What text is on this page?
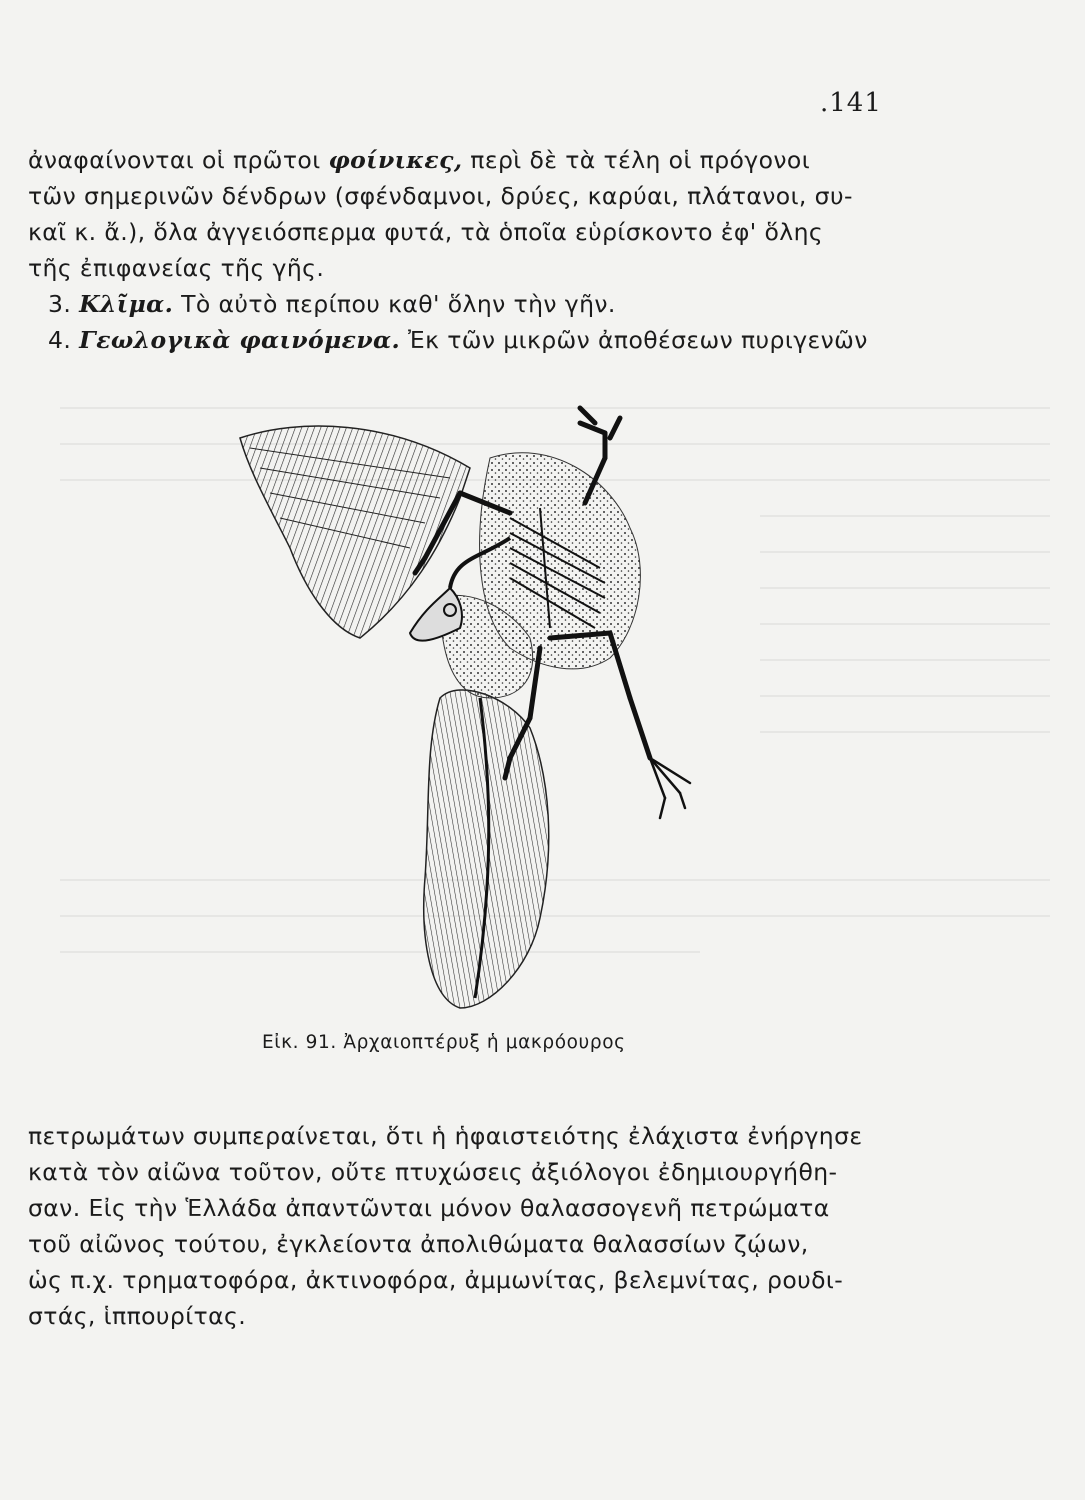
.141
ἀναφαίνονται οἱ πρῶτοι φοίνικες, περὶ δὲ τὰ τέλη οἱ πρόγονοι
τῶν σημερινῶν δένδρων (σφένδαμνοι, δρύες, καρύαι, πλάτανοι, συ-
καῖ κ. ἄ.), ὅλα ἀγγειόσπερμα φυτά, τὰ ὁποῖα εὑρίσκοντο ἐφ' ὅλης
τῆς ἐπιφανείας τῆς γῆς.
3. Κλῖμα. Τὸ αὐτὸ περίπου καθ' ὅλην τὴν γῆν.
4. Γεωλογικὰ φαινόμενα. Ἐκ τῶν μικρῶν ἀποθέσεων πυριγενῶν
Εἰκ. 91. Ἀρχαιοπτέρυξ ἡ μακρόουρος
πετρωμάτων συμπεραίνεται, ὅτι ἡ ἡφαιστειότης ἐλάχιστα ἐνήργησε
κατὰ τὸν αἰῶνα τοῦτον, οὔτε πτυχώσεις ἀξιόλογοι ἐδημιουργήθη-
σαν. Εἰς τὴν Ἑλλάδα ἀπαντῶνται μόνον θαλασσογενῆ πετρώματα
τοῦ αἰῶνος τούτου, ἐγκλείοντα ἀπολιθώματα θαλασσίων ζῴων,
ὡς π.χ. τρηματοφόρα, ἀκτινοφόρα, ἀμμωνίτας, βελεμνίτας, ρουδι-
στάς, ἱππουρίτας.
